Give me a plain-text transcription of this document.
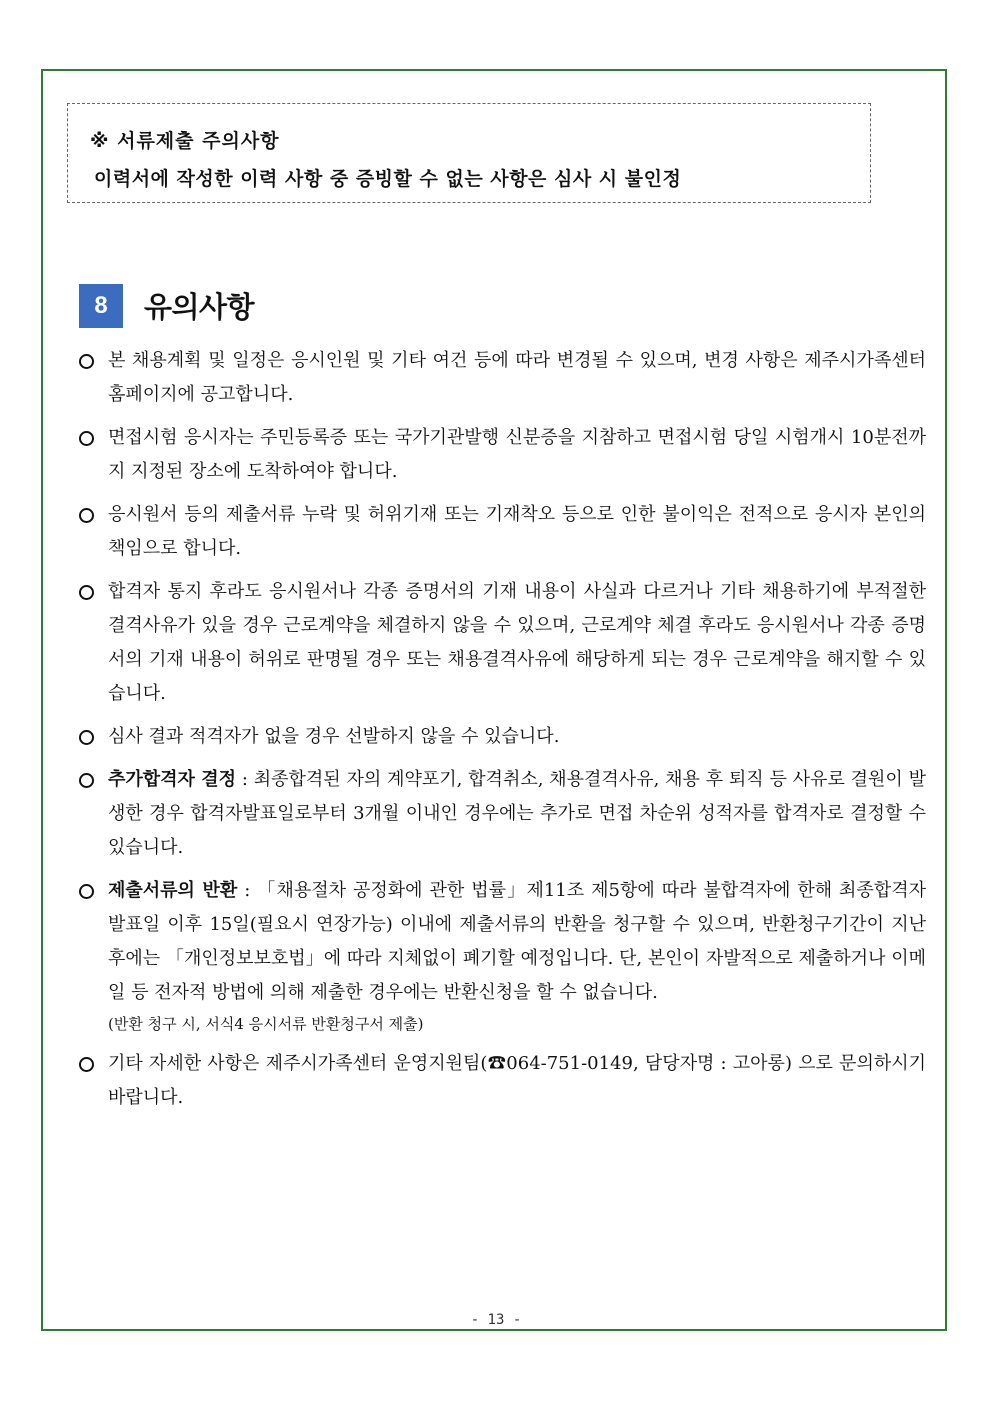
※ 서류제출 주의사항
이력서에 작성한 이력 사항 중 증빙할 수 없는 사항은 심사 시 불인정
8	유의사항
본 채용계획 및 일정은 응시인원 및 기타 여건 등에 따라 변경될 수 있으며, 변경 사항은 제주시가족센터 홈페이지에 공고합니다.
면접시험 응시자는 주민등록증 또는 국가기관발행 신분증을 지참하고 면접시험 당일 시험개시 10분전까지 지정된 장소에 도착하여야 합니다.
응시원서 등의 제출서류 누락 및 허위기재 또는 기재착오 등으로 인한 불이익은 전적으로 응시자 본인의 책임으로 합니다.
합격자 통지 후라도 응시원서나 각종 증명서의 기재 내용이 사실과 다르거나 기타 채용하기에 부적절한 결격사유가 있을 경우 근로계약을 체결하지 않을 수 있으며, 근로계약 체결 후라도 응시원서나 각종 증명서의 기재 내용이 허위로 판명될 경우 또는 채용결격사유에 해당하게 되는 경우 근로계약을 해지할 수 있습니다.
심사 결과 적격자가 없을 경우 선발하지 않을 수 있습니다.
추가합격자 결정 : 최종합격된 자의 계약포기, 합격취소, 채용결격사유, 채용 후 퇴직 등 사유로 결원이 발생한 경우 합격자발표일로부터 3개월 이내인 경우에는 추가로 면접 차순위 성적자를 합격자로 결정할 수 있습니다.
제출서류의 반환 : 「채용절차 공정화에 관한 법률」제11조 제5항에 따라 불합격자에 한해 최종합격자 발표일 이후 15일(필요시 연장가능) 이내에 제출서류의 반환을 청구할 수 있으며, 반환청구기간이 지난 후에는 「개인정보보호법」에 따라 지체없이 폐기할 예정입니다. 단, 본인이 자발적으로 제출하거나 이메일 등 전자적 방법에 의해 제출한 경우에는 반환신청을 할 수 없습니다.
(반환 청구 시, 서식4 응시서류 반환청구서 제출)
기타 자세한 사항은 제주시가족센터 운영지원팀(☎064-751-0149, 담당자명 : 고아롱) 으로 문의하시기 바랍니다.
- 13 -
